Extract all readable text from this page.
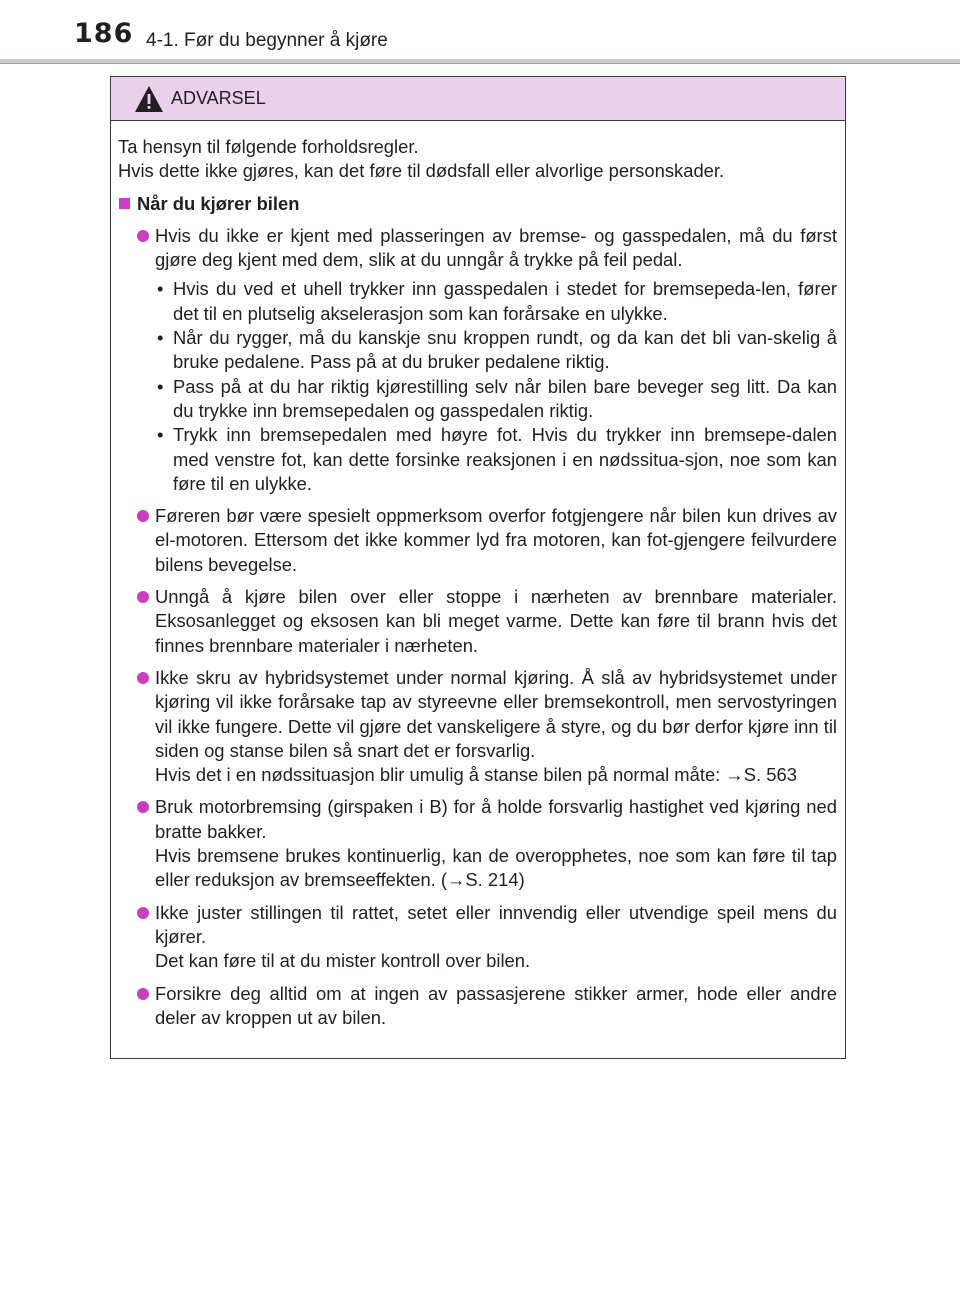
186 4-1. Før du begynner å kjøre
ADVARSEL

Ta hensyn til følgende forholdsregler.

Hvis dette ikke gjøres, kan det føre til dødsfall eller alvorlige personskader.

Når du kjører bilen

Hvis du ikke er kjent med plasseringen av bremse- og gasspedalen, må du først gjøre deg kjent med dem, slik at du unngår å trykke på feil pedal.

• Hvis du ved et uhell trykker inn gasspedalen i stedet for bremsepeda-len, fører det til en plutselig akselerasjon som kan forårsake en ulykke.
• Når du rygger, må du kanskje snu kroppen rundt, og da kan det bli van-skelig å bruke pedalene. Pass på at du bruker pedalene riktig.
• Pass på at du har riktig kjørestilling selv når bilen bare beveger seg litt. Da kan du trykke inn bremsepedalen og gasspedalen riktig.
• Trykk inn bremsepedalen med høyre fot. Hvis du trykker inn bremsepe-dalen med venstre fot, kan dette forsinke reaksjonen i en nødssitua-sjon, noe som kan føre til en ulykke.

Føreren bør være spesielt oppmerksom overfor fotgjengere når bilen kun drives av el-motoren. Ettersom det ikke kommer lyd fra motoren, kan fot-gjengere feilvurdere bilens bevegelse.

Unngå å kjøre bilen over eller stoppe i nærheten av brennbare materialer. Eksosanlegget og eksosen kan bli meget varme. Dette kan føre til brann hvis det finnes brennbare materialer i nærheten.

Ikke skru av hybridsystemet under normal kjøring. Å slå av hybridsystemet under kjøring vil ikke forårsake tap av styreevne eller bremsekontroll, men servostyringen vil ikke fungere. Dette vil gjøre det vanskeligere å styre, og du bør derfor kjøre inn til siden og stanse bilen så snart det er forsvarlig.

Hvis det i en nødssituasjon blir umulig å stanse bilen på normal måte: →S. 563

Bruk motorbremsing (girspaken i B) for å holde forsvarlig hastighet ved kjøring ned bratte bakker.

Hvis bremsene brukes kontinuerlig, kan de overopphetes, noe som kan føre til tap eller reduksjon av bremseeffekten. (→S. 214)

Ikke juster stillingen til rattet, setet eller innvendig eller utvendige speil mens du kjører.

Det kan føre til at du mister kontroll over bilen.

Forsikre deg alltid om at ingen av passasjerene stikker armer, hode eller andre deler av kroppen ut av bilen.
